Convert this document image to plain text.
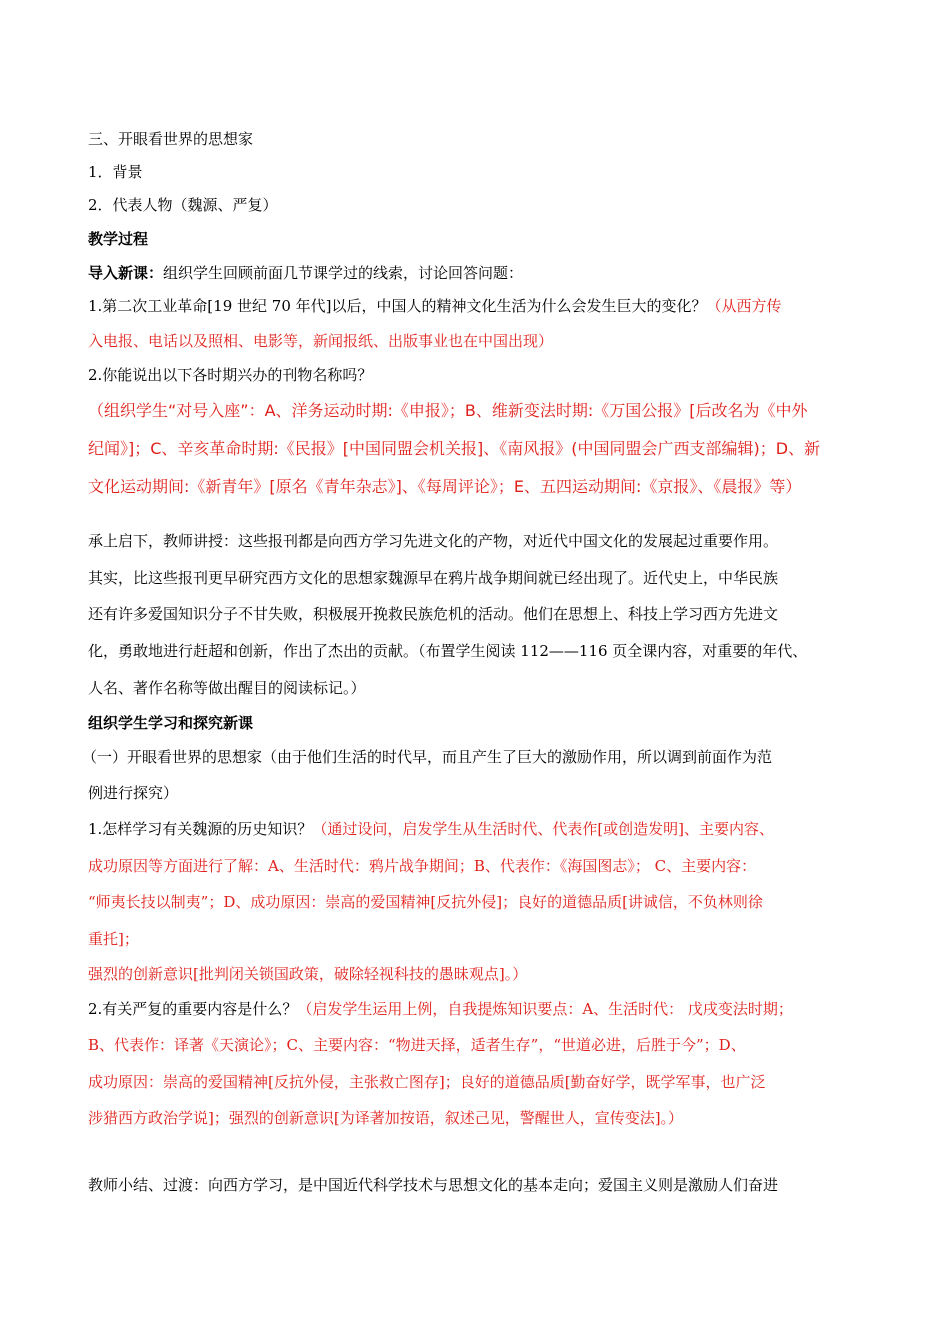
三、开眼看世界的思想家
1．背景
2．代表人物（魏源、严复）
教学过程
导入新课：组织学生回顾前面几节课学过的线索，讨论回答问题：
1.第二次工业革命[19 世纪 70 年代]以后，中国人的精神文化生活为什么会发生巨大的变化？（从西方传
入电报、电话以及照相、电影等，新闻报纸、出版事业也在中国出现）
2.你能说出以下各时期兴办的刊物名称吗？
（组织学生“对号入座”：A、洋务运动时期:《申报》；B、维新变法时期:《万国公报》[后改名为《中外
纪闻》]；C、辛亥革命时期:《民报》[中国同盟会机关报]、《南风报》(中国同盟会广西支部编辑)；D、新
文化运动期间:《新青年》[原名《青年杂志》]、《每周评论》；E、五四运动期间:《京报》、《晨报》等）
承上启下，教师讲授：这些报刊都是向西方学习先进文化的产物，对近代中国文化的发展起过重要作用。
其实，比这些报刊更早研究西方文化的思想家魏源早在鸦片战争期间就已经出现了。近代史上，中华民族
还有许多爱国知识分子不甘失败，积极展开挽救民族危机的活动。他们在思想上、科技上学习西方先进文
化，勇敢地进行赶超和创新，作出了杰出的贡献。（布置学生阅读 112——116 页全课内容，对重要的年代、
人名、著作名称等做出醒目的阅读标记。）
组织学生学习和探究新课
（一）开眼看世界的思想家（由于他们生活的时代早，而且产生了巨大的激励作用，所以调到前面作为范
例进行探究）
1.怎样学习有关魏源的历史知识？（通过设问，启发学生从生活时代、代表作[或创造发明]、主要内容、
成功原因等方面进行了解：A、生活时代：鸦片战争期间；B、代表作：《海国图志》； C、主要内容：
“师夷长技以制夷”；D、成功原因：崇高的爱国精神[反抗外侵]；良好的道德品质[讲诚信，不负林则徐
重托]；
强烈的创新意识[批判闭关锁国政策，破除轻视科技的愚昧观点]。）
2.有关严复的重要内容是什么？（启发学生运用上例，自我提炼知识要点：A、生活时代： 戊戌变法时期；
B、代表作：译著《天演论》；C、主要内容：“物进天择，适者生存”，“世道必进，后胜于今”；D、
成功原因：崇高的爱国精神[反抗外侵，主张救亡图存]；良好的道德品质[勤奋好学，既学军事，也广泛
涉猎西方政治学说]；强烈的创新意识[为译著加按语，叙述己见，警醒世人，宣传变法]。）
教师小结、过渡：向西方学习，是中国近代科学技术与思想文化的基本走向；爱国主义则是激励人们奋进
